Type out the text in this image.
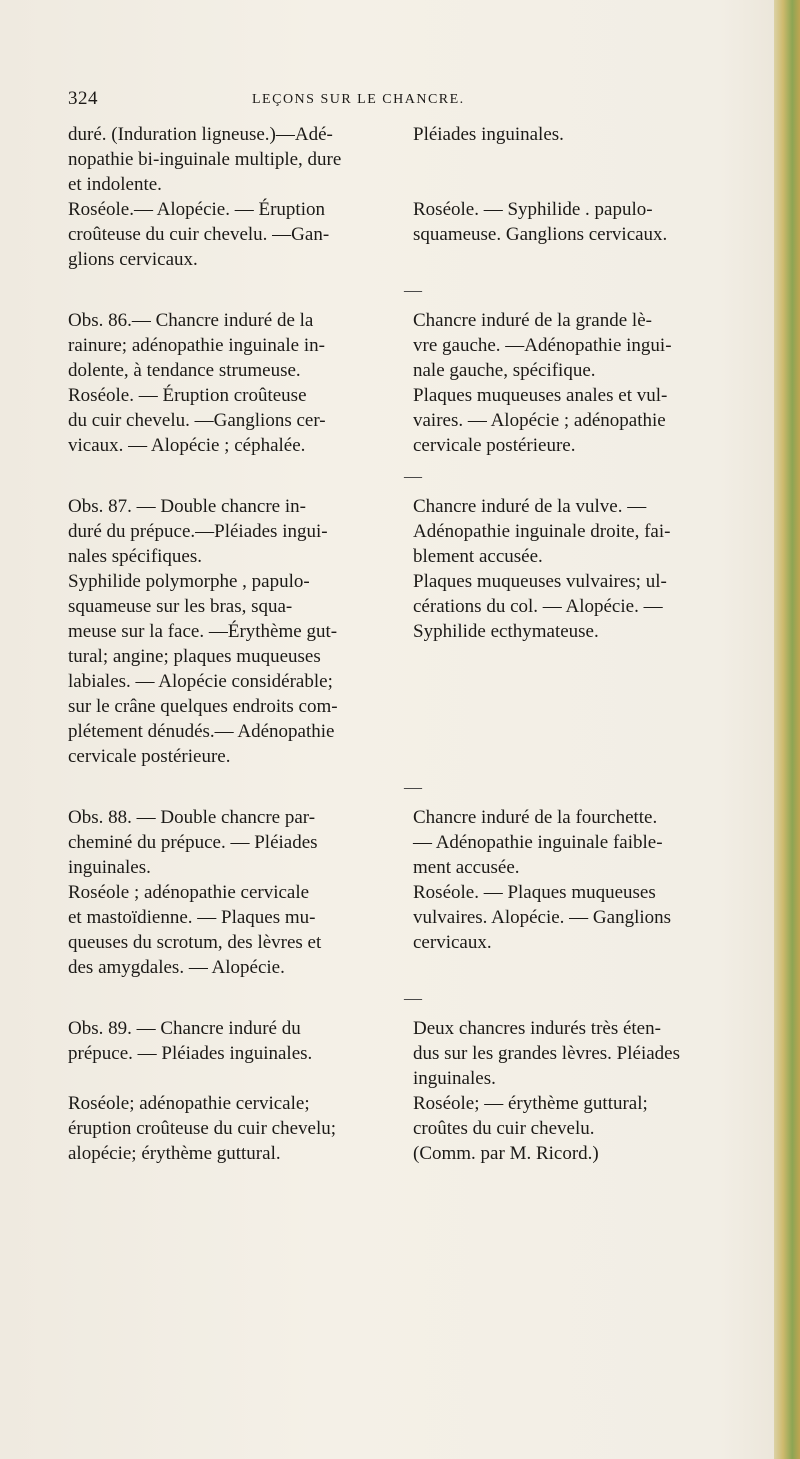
324	LEÇONS SUR LE CHANCRE.

duré. (Induration ligneuse.)—Adé-

nopathie bi-inguinale multiple, dure

et indolente.

Roséole.— Alopécie. — Éruption

croûteuse du cuir chevelu. —Gan-

glions cervicaux.

Pléiades inguinales.

Roséole. — Syphilide . papulo-

squameuse. Ganglions cervicaux.

—

Obs. 86.— Chancre induré de la

rainure; adénopathie inguinale in-

dolente, à tendance strumeuse.

Roséole. — Éruption croûteuse

du cuir chevelu. —Ganglions cer-

vicaux. — Alopécie ; céphalée.

Chancre induré de la grande lè-

vre gauche. —Adénopathie ingui-

nale gauche, spécifique.

Plaques muqueuses anales et vul-

vaires. — Alopécie ; adénopathie

cervicale postérieure.

—

Obs. 87. — Double chancre in-

duré du prépuce.—Pléiades ingui-

nales spécifiques.

Syphilide polymorphe , papulo-

squameuse sur les bras, squa-

meuse sur la face. —Érythème gut-

tural; angine; plaques muqueuses

labiales. — Alopécie considérable;

sur le crâne quelques endroits com-

plétement dénudés.— Adénopathie

cervicale postérieure.

Chancre induré de la vulve. —

Adénopathie inguinale droite, fai-

blement accusée.

Plaques muqueuses vulvaires; ul-

cérations du col. — Alopécie. —

Syphilide ecthymateuse.

—

Obs. 88. — Double chancre par-

cheminé du prépuce. — Pléiades

inguinales.

Roséole ; adénopathie cervicale

et mastoïdienne. — Plaques mu-

queuses du scrotum, des lèvres et

des amygdales. — Alopécie.

Chancre induré de la fourchette.

— Adénopathie inguinale faible-

ment accusée.

Roséole. — Plaques muqueuses

vulvaires. Alopécie. — Ganglions

cervicaux.

—

Obs. 89. — Chancre induré du

prépuce. — Pléiades inguinales.

Roséole; adénopathie cervicale;

éruption croûteuse du cuir chevelu;

alopécie; érythème guttural.

Deux chancres indurés très éten-

dus sur les grandes lèvres. Pléiades

inguinales.

Roséole; — érythème guttural;

croûtes du cuir chevelu.

(Comm. par M. Ricord.)
